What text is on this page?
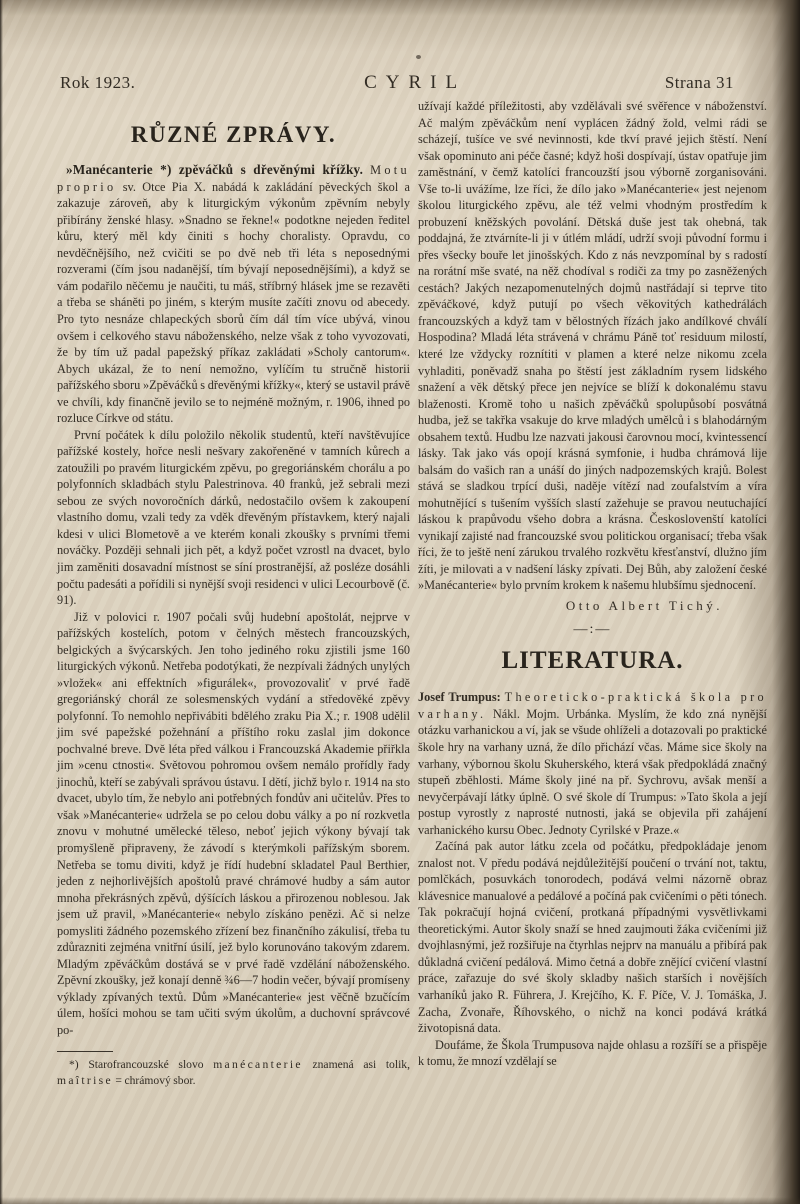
Rok 1923.	CYRIL	Strana 31
RŮZNÉ ZPRÁVY.

»Manécanterie *) zpěváčků s dřevěnými křížky. Motu proprio sv. Otce Pia X. nabádá k zakládání pěveckých škol a zakazuje zároveň, aby k liturgickým výkonům zpěvním nebyly přibírány ženské hlasy. »Snadno se řekne!« podotkne nejeden ředitel kůru, který měl kdy činiti s hochy choralisty. Opravdu, co nevděčnějšího, než cvičiti se po dvě neb tři léta s neposednými rozverami (čím jsou nadanější, tím bývají neposednějšími), a když se vám podařilo něčemu je naučiti, tu máš, stříbrný hlásek jme se rezavěti a třeba se sháněti po jiném, s kterým musíte začíti znovu od abecedy. Pro tyto nesnáze chlapeckých sborů čím dál tím více ubývá, vinou ovšem i celkového stavu náboženského, nelze však z toho vyvozovati, že by tím už padal papežský příkaz zakládati »Scholy cantorum«. Abych ukázal, že to není nemožno, vylíčím tu stručně historii pařížského sboru »Zpěváčků s dřevěnými křížky«, který se ustavil právě ve chvíli, kdy finančně jevilo se to nejméně možným, r. 1906, ihned po rozluce Církve od státu.

První počátek k dílu položilo několik studentů, kteří navštěvujíce pařížské kostely, hořce nesli nešvary zakořeněné v tamních kůrech a zatoužili po pravém liturgickém zpěvu, po gregoriánském chorálu a po polyfonních skladbách stylu Palestrinova. 40 franků, jež sebrali mezi sebou ze svých novoročních dárků, nedostačilo ovšem k zakoupení vlastního domu, vzali tedy za vděk dřevěným přístavkem, který najali kdesi v ulici Blometově a ve kterém konali zkoušky s prvními třemi nováčky. Později sehnali jich pět, a když počet vzrostl na dvacet, bylo jim zaměniti dosavadní místnost se síní prostranější, až posléze dosáhli počtu padesáti a pořídili si nynější svoji residenci v ulici Lecourbově (č. 91).

Již v polovici r. 1907 počali svůj hudební apoštolát, nejprve v pařížských kostelích, potom v čelných městech francouzských, belgických a švýcarských. Jen toho jediného roku zjistili jsme 160 liturgických výkonů. Netřeba podotýkati, že nezpívali žádných unylých »vložek« ani effektních »figurálek«, provozovaliť v prvé řadě gregoriánský chorál ze solesmenských vydání a středověké zpěvy polyfonní. To nemohlo nepřivábiti bdělého zraku Pia X.; r. 1908 udělil jim své papežské požehnání a příštího roku zaslal jim dokonce pochvalné breve. Dvě léta před válkou i Francouzská Akademie přiřkla jim »cenu ctnosti«. Světovou pohromou ovšem nemálo prořídly řady jinochů, kteří se zabývali správou ústavu. I dětí, jichž bylo r. 1914 na sto dvacet, ubylo tím, že nebylo ani potřebných fondův ani učitelův. Přes to však »Manécanterie« udržela se po celou dobu války a po ní rozkvetla znovu v mohutné umělecké těleso, neboť jejich výkony bývají tak promyšleně připraveny, že závodí s kterýmkoli pařížským sborem. Netřeba se tomu diviti, když je řídí hudební skladatel Paul Berthier, jeden z nejhorlivějších apoštolů pravé chrámové hudby a sám autor mnoha překrásných zpěvů, dýšících láskou a přirozenou noblesou. Jak jsem už pravil, »Manécanterie« nebylo získáno penězi. Ač si nelze pomysliti žádného pozemského zřízení bez finančního zákulisí, třeba tu zdůrazniti zejména vnitřní úsilí, jež bylo korunováno takovým zdarem. Mladým zpěváčkům dostává se v prvé řadě vzdělání náboženského. Zpěvní zkoušky, jež konají denně ¾6—7 hodin večer, bývají promíseny výklady zpívaných textů. Dům »Manécanterie« jest věčně bzučícím úlem, hošíci mohou se tam učiti svým úkolům, a duchovní správcové po-

*) Starofrancouzské slovo manécanterie znamená asi tolik, maîtrise = chrámový sbor.

užívají každé příležitosti, aby vzdělávali své svěřence v náboženství. Ač malým zpěváčkům není vyplácen žádný žold, velmi rádi se scházejí, tušíce ve své nevinnosti, kde tkví pravé jejich štěstí. Není však opominuto ani péče časné; když hoši dospívají, ústav opatřuje jim zaměstnání, v čemž katolíci francouzští jsou výborně zorganisováni. Vše to-li uvážíme, lze říci, že dílo jako »Manécanterie« jest nejenom školou liturgického zpěvu, ale též velmi vhodným prostředím k probuzení kněžských povolání. Dětská duše jest tak ohebná, tak poddajná, že ztvárníte-li ji v útlém mládí, udrží svoji původní formu i přes všecky bouře let jinošských. Kdo z nás nevzpomínal by s radostí na rorátní mše svaté, na něž chodíval s rodiči za tmy po zasněžených cestách? Jakých nezapomenutelných dojmů nastřádají si teprve tito zpěváčkové, když putují po všech věkovitých kathedrálách francouzských a když tam v bělostných řízách jako andílkové chválí Hospodina? Mladá léta strávená v chrámu Páně toť residuum milostí, které lze vždycky roznítiti v plamen a které nelze nikomu zcela vyhladiti, poněvadž snaha po štěstí jest základním rysem lidského snažení a věk dětský přece jen nejvíce se blíží k dokonalému stavu blaženosti. Kromě toho u našich zpěváčků spolupůsobí posvátná hudba, jež se takřka vsakuje do krve mladých umělců i s blahodárným obsahem textů. Hudbu lze nazvati jakousi čarovnou mocí, kvintessencí lásky. Tak jako vás opojí krásná symfonie, i hudba chrámová lije balsám do vašich ran a unáší do jiných nadpozemských krajů. Bolest stává se sladkou trpící duši, naděje vítězí nad zoufalstvím a víra mohutnějící s tušením vyšších slastí zažehuje se pravou neutuchající láskou k prapůvodu všeho dobra a krásna. Českoslovenští katolíci vynikají zajisté nad francouzské svou politickou organisací; třeba však říci, že to ještě není zárukou trvalého rozkvětu křesťanství, dlužno jím žíti, je milovati a v nadšení lásky zpívati. Dej Bůh, aby založení české »Manécanterie« bylo prvním krokem k našemu hlubšímu sjednocení.

Otto Albert Tichý.

—:—
LITERATURA.

Josef Trumpus: Theoreticko-praktická škola pro varhany. Nákl. Mojm. Urbánka. Myslím, že kdo zná nynější otázku varhanickou a ví, jak se všude ohlíželi a dotazovali po praktické škole hry na varhany uzná, že dílo přichází včas. Máme sice školy na varhany, výbornou školu Skuherského, která však předpokládá značný stupeň zběhlosti. Máme školy jiné na př. Sychrovu, avšak menší a nevyčerpávají látky úplně. O své škole dí Trumpus: »Tato škola a její postup vyrostly z naprosté nutnosti, jaká se objevila při zahájení varhanického kursu Obec. Jednoty Cyrilské v Praze.«

Začíná pak autor látku zcela od počátku, předpokládaje jenom znalost not. V předu podává nejdůležitější poučení o trvání not, taktu, pomlčkách, posuvkách tonorodech, podává velmi názorně obraz klávesnice manualové a pedálové a počíná pak cvičeními o pěti tónech. Tak pokračují hojná cvičení, protkaná případnými vysvětlivkami theoretickými. Autor školy snaží se hned zaujmouti žáka cvičeními již dvojhlasnými, jež rozšiřuje na čtyrhlas nejprv na manuálu a přibírá pak důkladná cvičení pedálová. Mimo četná a dobře znějící cvičení vlastní práce, zařazuje do své školy skladby našich starších i novějších varhaníků jako R. Führera, J. Krejčího, K. F. Píče, V. J. Tomáška, J. Zacha, Zvonaře, Říhovského, o nichž na konci podává krátká životopisná data.

Doufáme, že Škola Trumpusova najde ohlasu a rozšíří se a přispěje k tomu, že mnozí vzdělají se
